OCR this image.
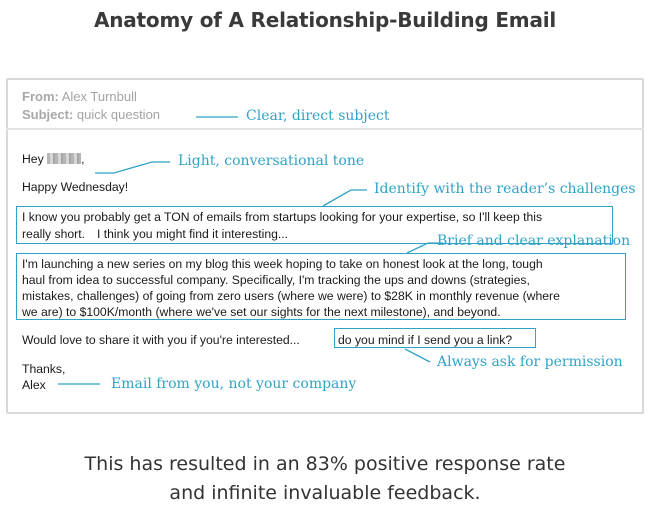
Anatomy of A Relationship-Building Email
From: Alex Turnbull
Subject: quick question
Hey	,
Happy Wednesday!
I know you probably get a TON of emails from startups looking for your expertise, so I'll keep this
really short. I think you might find it interesting...
I'm launching a new series on my blog this week hoping to take on honest look at the long, tough
haul from idea to successful company. Specifically, I'm tracking the ups and downs (strategies,
mistakes, challenges) of going from zero users (where we were) to $28K in monthly revenue (where
we are) to $100K/month (where we've set our sights for the next milestone), and beyond.
Would love to share it with you if you're interested...	do you mind if I send you a link?
Thanks,
Alex
Clear, direct subject
Light, conversational tone
Identify with the reader’s challenges
Brief and clear explanation
Always ask for permission
Email from you, not your company
This has resulted in an 83% positive response rate
and infinite invaluable feedback.
